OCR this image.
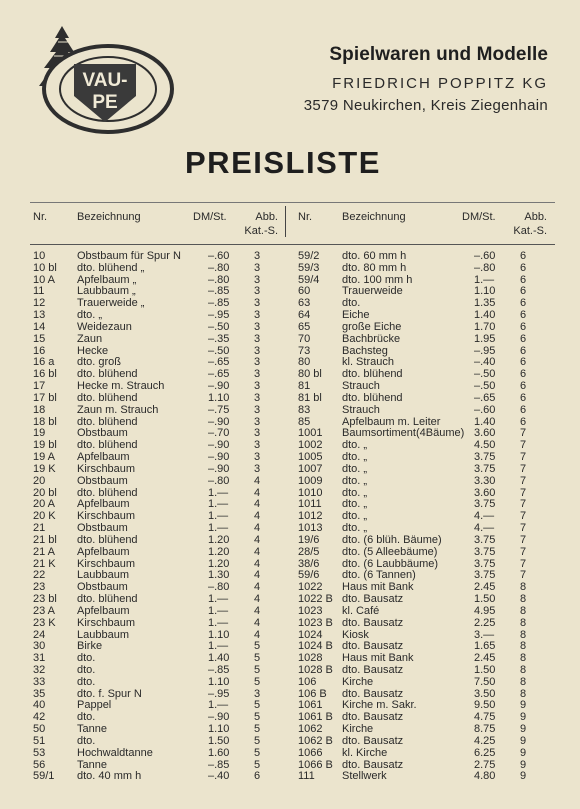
VAU-
PE
Spielwaren und Modelle
FRIEDRICH POPPITZ KG
3579 Neukirchen, Kreis Ziegenhain
PREISLISTE
Nr.	Bezeichnung	DM/St.	Abb.
Kat.-S.
Nr.	Bezeichnung	DM/St.	Abb.
Kat.-S.
10	Obstbaum für Spur N –.60 3	59/2 dto. 60 mm h	–.60 6
10 bl dto. blühend „	–.80 3	59/3 dto. 80 mm h	–.80 6
10 A Apfelbaum „	–.80 3	59/4 dto. 100 mm h	1.— 6
11	Laubbaum „	–.85 3	60	Trauerweide	1.10 6
12	Trauerweide „	–.85 3	63	dto.	1.35 6
13	dto. „	–.95 3	64	Eiche	1.40 6
14	Weidezaun	–.50 3	65	große Eiche	1.70 6
15	Zaun	–.35 3	70	Bachbrücke	1.95 6
16	Hecke	–.50 3	73	Bachsteg	–.95 6
16 a dto. groß	–.65 3	80	kl. Strauch	–.40 6
16 bl dto. blühend	–.65 3	80 bl dto. blühend	–.50 6
17	Hecke m. Strauch	–.90 3	81	Strauch	–.50 6
17 bl dto. blühend	1.10 3	81 bl dto. blühend	–.65 6
18	Zaun m. Strauch	–.75 3	83	Strauch	–.60 6
18 bl dto. blühend	–.90 3	85	Apfelbaum m. Leiter	1.40 6
19	Obstbaum	–.70 3	1001 Baumsortiment(4Bäume) 3.60 7
19 bl dto. blühend	–.90 3	1002 dto. „	4.50 7
19 A Apfelbaum	–.90 3	1005 dto. „	3.75 7
19 K Kirschbaum	–.90 3	1007 dto. „	3.75 7
20	Obstbaum	–.80 4	1009 dto. „	3.30 7
20 bl dto. blühend	1.— 4	1010 dto. „	3.60 7
20 A Apfelbaum	1.— 4	1011 dto. „	3.75 7
20 K Kirschbaum	1.— 4	1012 dto. „	4.— 7
21	Obstbaum	1.— 4	1013 dto. „	4.— 7
21 bl dto. blühend	1.20 4	19/6 dto. (6 blüh. Bäume)	3.75 7
21 A Apfelbaum	1.20 4	28/5 dto. (5 Alleebäume)	3.75 7
21 K Kirschbaum	1.20 4	38/6 dto. (6 Laubbäume)	3.75 7
22	Laubbaum	1.30 4	59/6 dto. (6 Tannen)	3.75 7
23	Obstbaum	–.80 4	1022 Haus mit Bank	2.45 8
23 bl dto. blühend	1.— 4	1022 B dto. Bausatz	1.50 8
23 A Apfelbaum	1.— 4	1023 kl. Café	4.95 8
23 K Kirschbaum	1.— 4	1023 B dto. Bausatz	2.25 8
24	Laubbaum	1.10 4	1024 Kiosk	3.— 8
30	Birke	1.— 5	1024 B dto. Bausatz	1.65 8
31	dto.	1.40 5	1028 Haus mit Bank	2.45 8
32	dto.	–.85 5	1028 B dto. Bausatz	1.50 8
33	dto.	1.10 5	106 Kirche	7.50 8
35	dto. f. Spur N	–.95 3	106 B dto. Bausatz	3.50 8
40	Pappel	1.— 5	1061 Kirche m. Sakr.	9.50 9
42	dto.	–.90 5	1061 B dto. Bausatz	4.75 9
50	Tanne	1.10 5	1062 Kirche	8.75 9
51	dto.	1.50 5	1062 B dto. Bausatz	4.25 9
53	Hochwaldtanne	1.60 5	1066 kl. Kirche	6.25 9
56	Tanne	–.85 5	1066 B dto. Bausatz	2.75 9
59/1 dto. 40 mm h	–.40 6	111 Stellwerk	4.80 9
